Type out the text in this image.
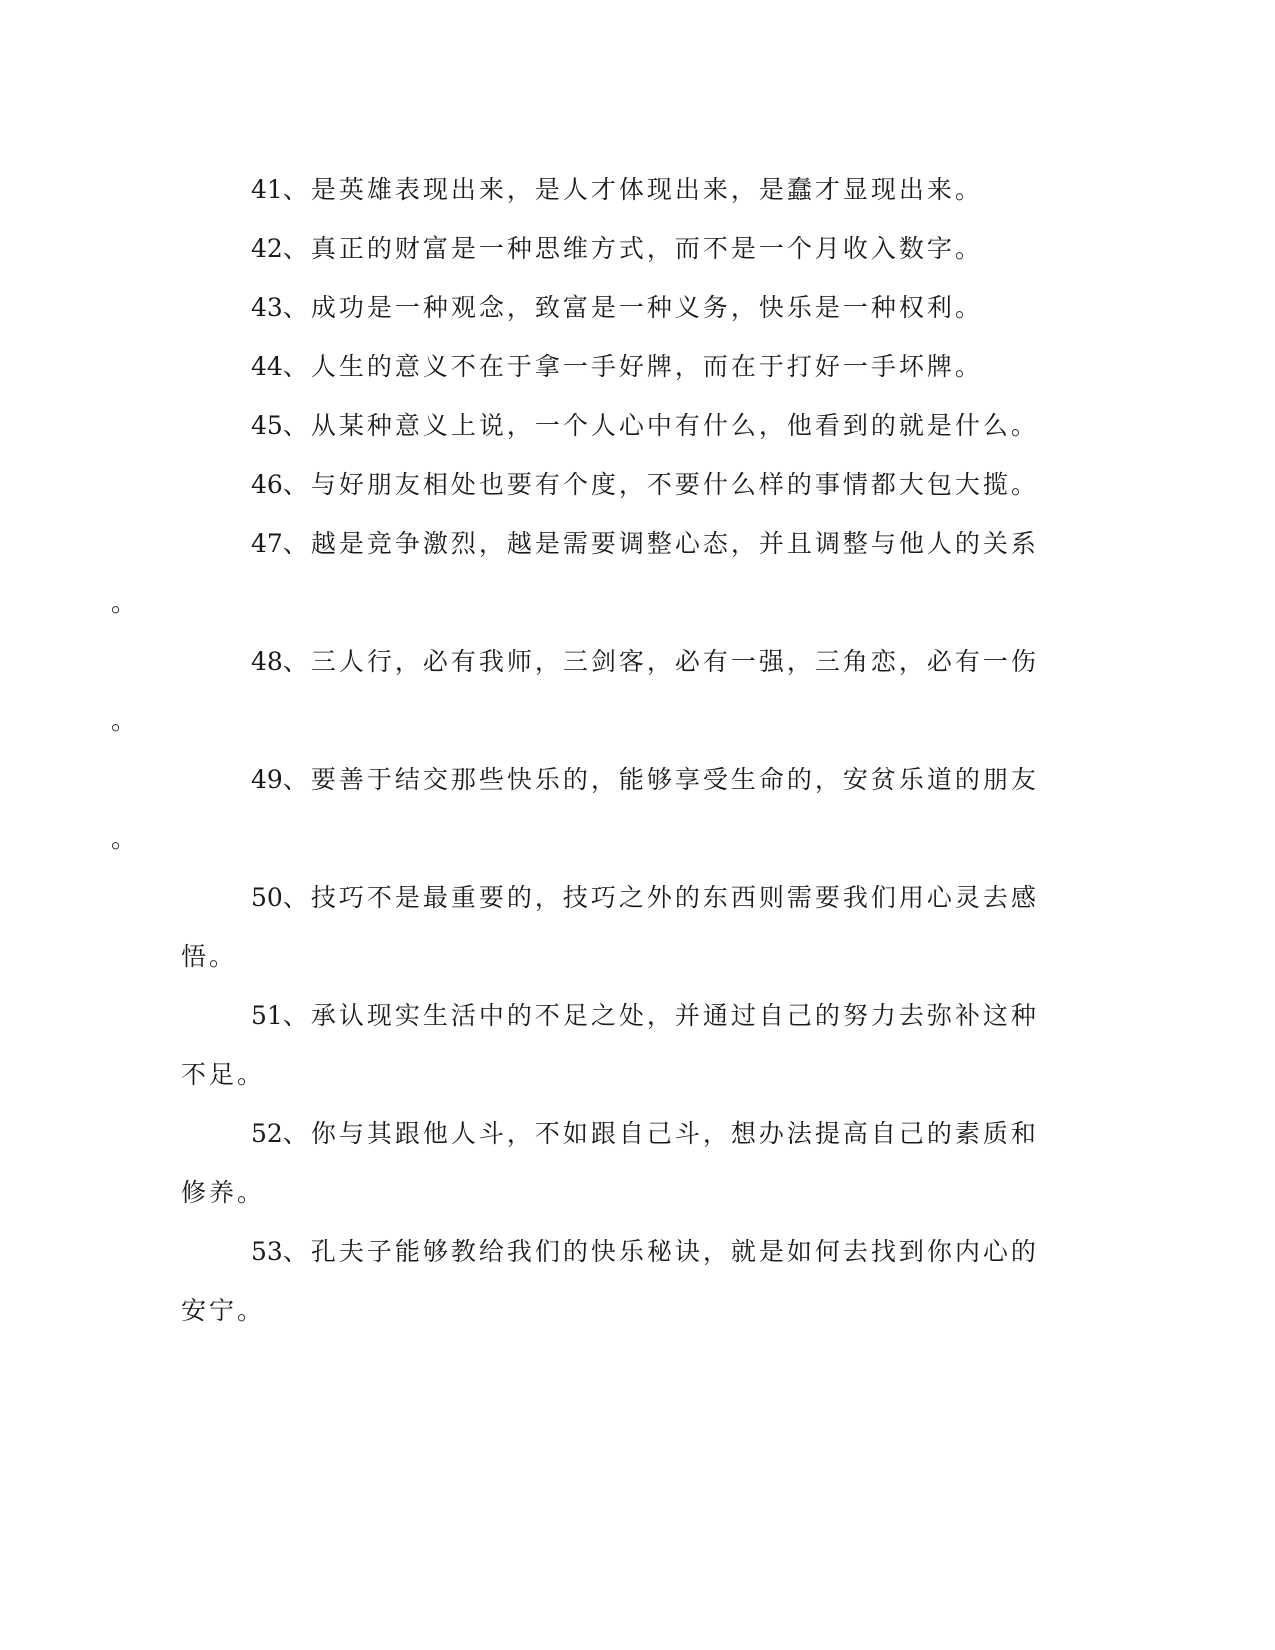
41、是英雄表现出来，是人才体现出来，是蠢才显现出来。

42、真正的财富是一种思维方式，而不是一个月收入数字。

43、成功是一种观念，致富是一种义务，快乐是一种权利。

44、人生的意义不在于拿一手好牌，而在于打好一手坏牌。

45、从某种意义上说，一个人心中有什么，他看到的就是什么。

46、与好朋友相处也要有个度，不要什么样的事情都大包大揽。

47、越是竞争激烈，越是需要调整心态，并且调整与他人的关系
。

48、三人行，必有我师，三剑客，必有一强，三角恋，必有一伤
。

49、要善于结交那些快乐的，能够享受生命的，安贫乐道的朋友
。

50、技巧不是最重要的，技巧之外的东西则需要我们用心灵去感悟。

51、承认现实生活中的不足之处，并通过自己的努力去弥补这种不足。

52、你与其跟他人斗，不如跟自己斗，想办法提高自己的素质和修养。

53、孔夫子能够教给我们的快乐秘诀，就是如何去找到你内心的安宁。
